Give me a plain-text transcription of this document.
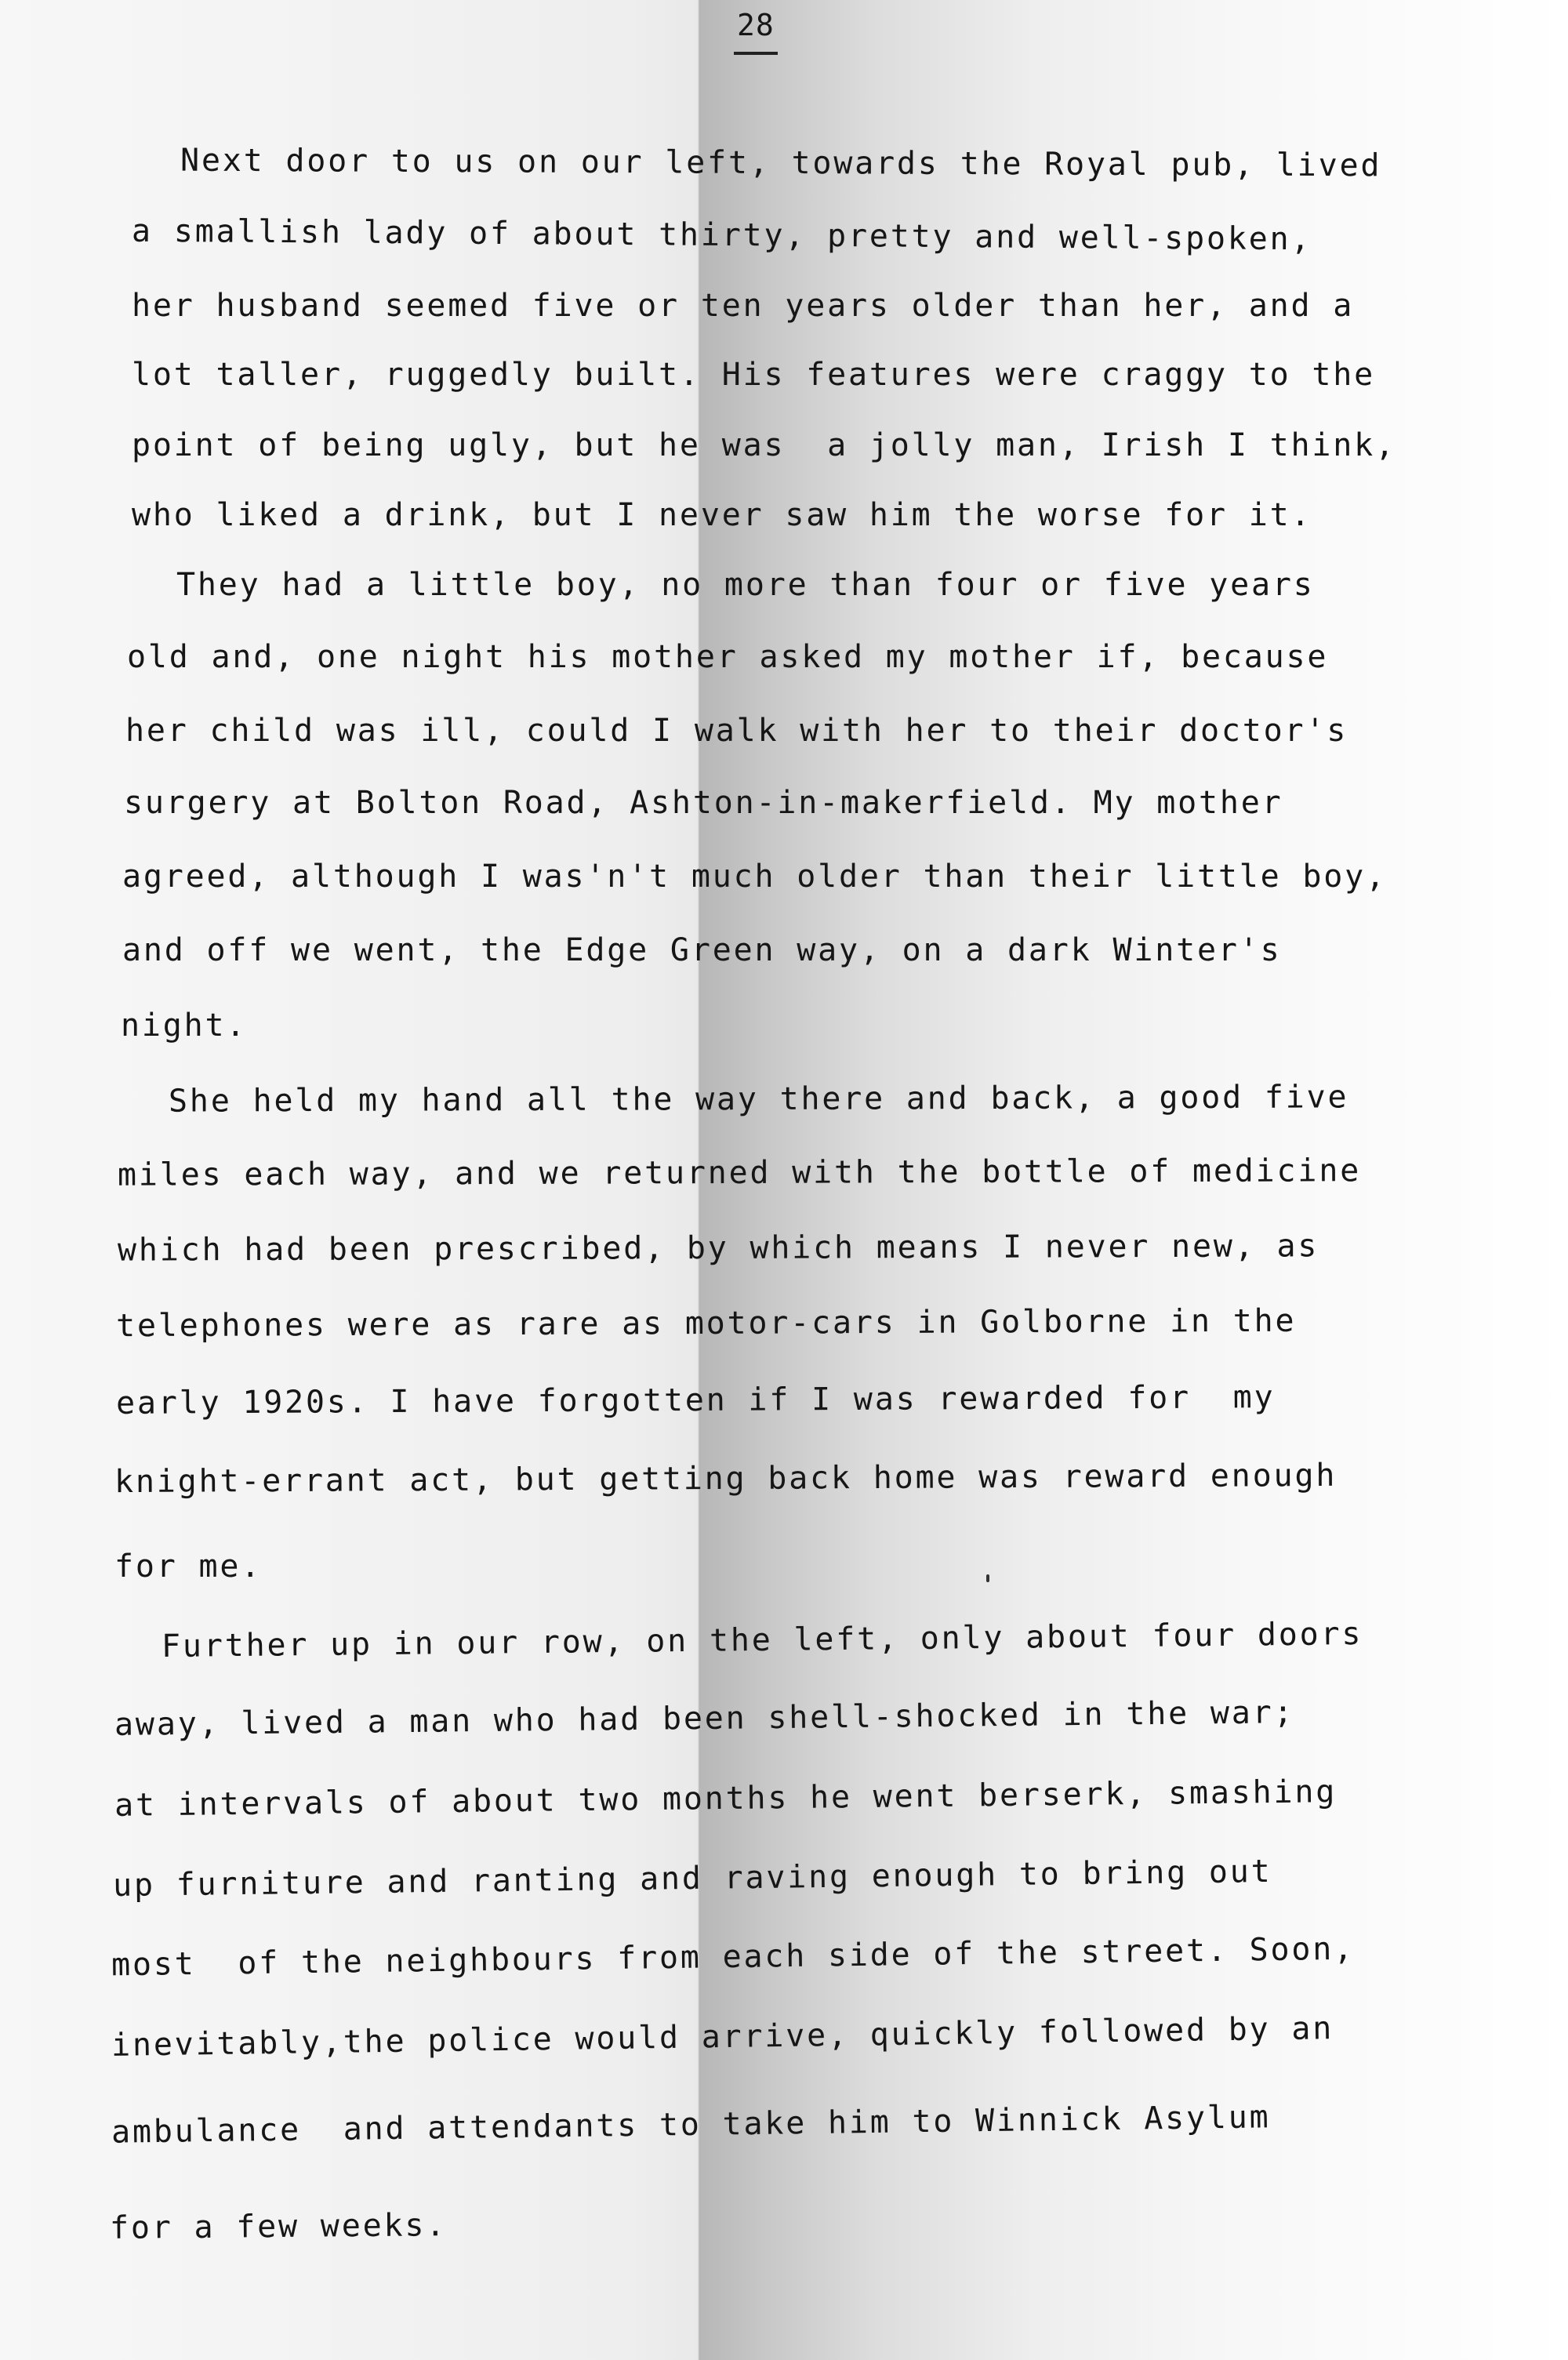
28
Next door to us on our left, towards the Royal pub, lived
a smallish lady of about thirty, pretty and well-spoken,
her husband seemed five or ten years older than her, and a
lot taller, ruggedly built. His features were craggy to the
point of being ugly, but he was  a jolly man, Irish I think,
who liked a drink, but I never saw him the worse for it.
They had a little boy, no more than four or five years
old and, one night his mother asked my mother if, because
her child was ill, could I walk with her to their doctor's
surgery at Bolton Road, Ashton-in-makerfield. My mother
agreed, although I was'n't much older than their little boy,
and off we went, the Edge Green way, on a dark Winter's
night.
She held my hand all the way there and back, a good five
miles each way, and we returned with the bottle of medicine
which had been prescribed, by which means I never new, as
telephones were as rare as motor-cars in Golborne in the
early 1920s. I have forgotten if I was rewarded for  my
knight-errant act, but getting back home was reward enough
for me.
Further up in our row, on the left, only about four doors
away, lived a man who had been shell-shocked in the war;
at intervals of about two months he went berserk, smashing
up furniture and ranting and raving enough to bring out
most  of the neighbours from each side of the street. Soon,
inevitably,the police would arrive, quickly followed by an
ambulance  and attendants to take him to Winnick Asylum
for a few weeks.
